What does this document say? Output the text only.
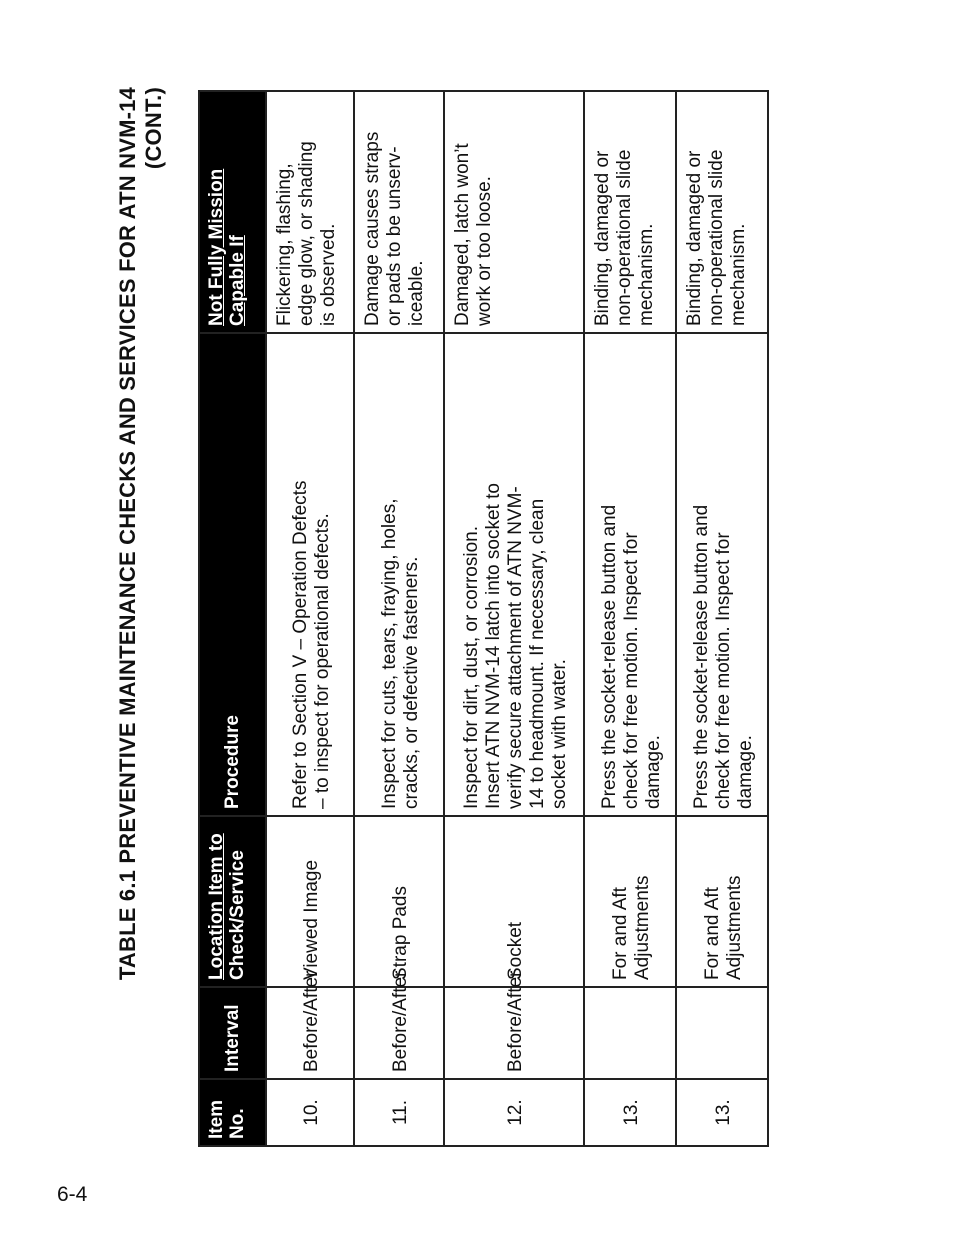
6-4
TABLE 6.1 PREVENTIVE MAINTENANCE CHECKS AND SERVICES FOR ATN NVM-14 (CONT.)
Item
No.	Interval	Location Item to
Check/Service	Procedure	Not Fully Mission
Capable If
10.	Before/After	Viewed Image	Refer to Section V – Operation Defects
– to inspect for operational defects.	Flickering, flashing,
edge glow, or shading
is observed.
11.	Before/After	Strap Pads	Inspect for cuts, tears, fraying, holes,
cracks, or defective fasteners.	Damage causes straps
or pads to be unserv-
iceable.
12.	Before/After	Socket	Inspect for dirt, dust, or corrosion.
Insert ATN NVM-14 latch into socket to
verify secure attachment of ATN NVM-
14 to headmount. If necessary, clean
socket with water.	Damaged, latch won’t
work or too loose.
13.		For and Aft
Adjustments	Press the socket-release button and
check for free motion. Inspect for
damage.	Binding, damaged or
non-operational slide
mechanism.
13.		For and Aft
Adjustments	Press the socket-release button and
check for free motion. Inspect for
damage.	Binding, damaged or
non-operational slide
mechanism.
